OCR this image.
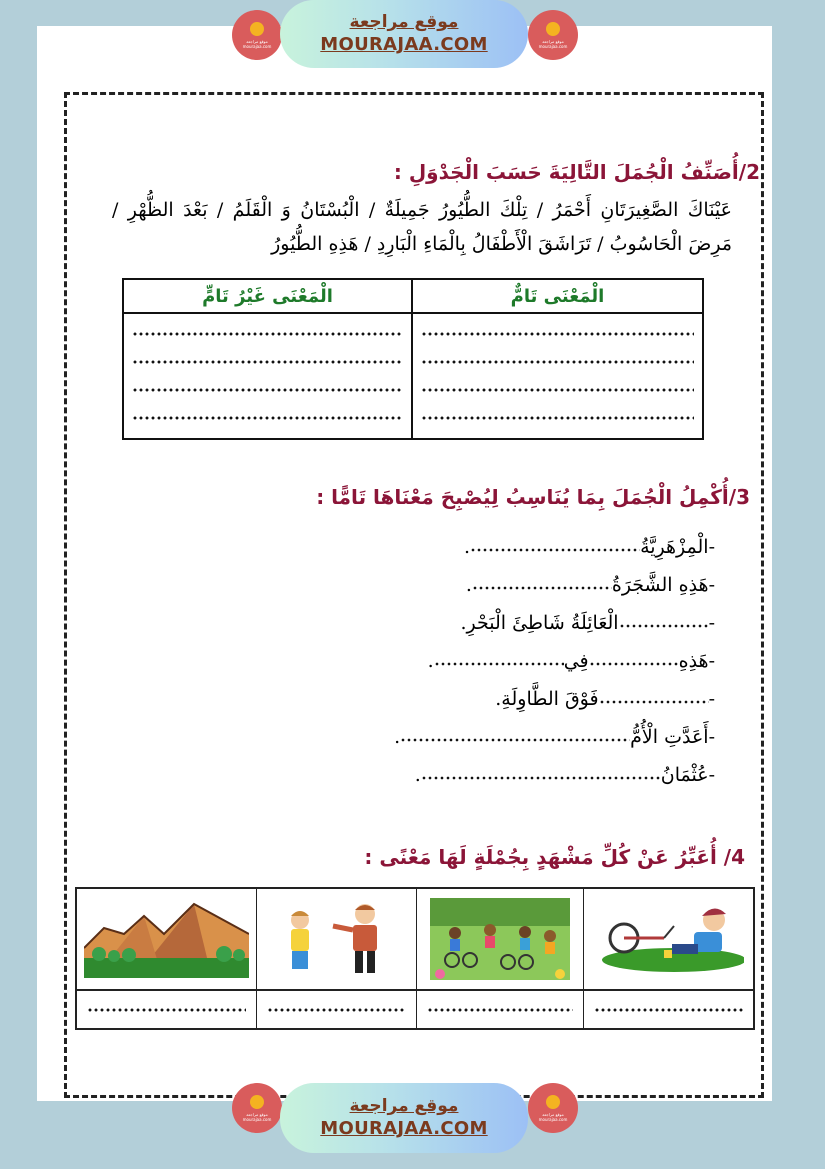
موقع مراجعة mourajaa.com
موقع مراجعة
MOURAJAA.COM	موقع مراجعة mourajaa.com
2/أُصَنِّفُ الْجُمَلَ التَّالِيَةَ حَسَبَ الْجَدْوَلِ :
عَيْنَاكَ الصَّغِيرَتَانِ أَحْمَرُ / تِلْكَ الطُّيُورُ جَمِيلَةٌ / الْبُسْتَانُ وَ الْقَلَمُ / بَعْدَ الظُّهْرِ / مَرِضَ الْحَاسُوبُ / تَرَاشَقَ الْأَطْفَالُ بِالْمَاءِ الْبَارِدِ / هَذِهِ الطُّيُورُ
الْمَعْنَى غَيْرُ تَامٍّ	الْمَعْنَى تَامٌّ
3/أُكْمِلُ الْجُمَلَ بِمَا يُنَاسِبُ لِيُصْبِحَ مَعْنَاهَا تَامًّا :
-الْمِزْهَرِيَّةُ
.
-هَذِهِ الشَّجَرَةُ
.
-
الْعَائِلَةُ شَاطِئَ الْبَحْرِ.
-هَذِهِ
فِي
.
-
فَوْقَ الطَّاوِلَةِ.
-أَعَدَّتِ الْأُمُّ
.
-عُثْمَانُ
.
4/ أُعَبِّرُ عَنْ كُلِّ مَشْهَدٍ بِجُمْلَةٍ لَهَا مَعْنًى :
موقع مراجعة mourajaa.com
موقع مراجعة
MOURAJAA.COM
موقع مراجعة mourajaa.com
